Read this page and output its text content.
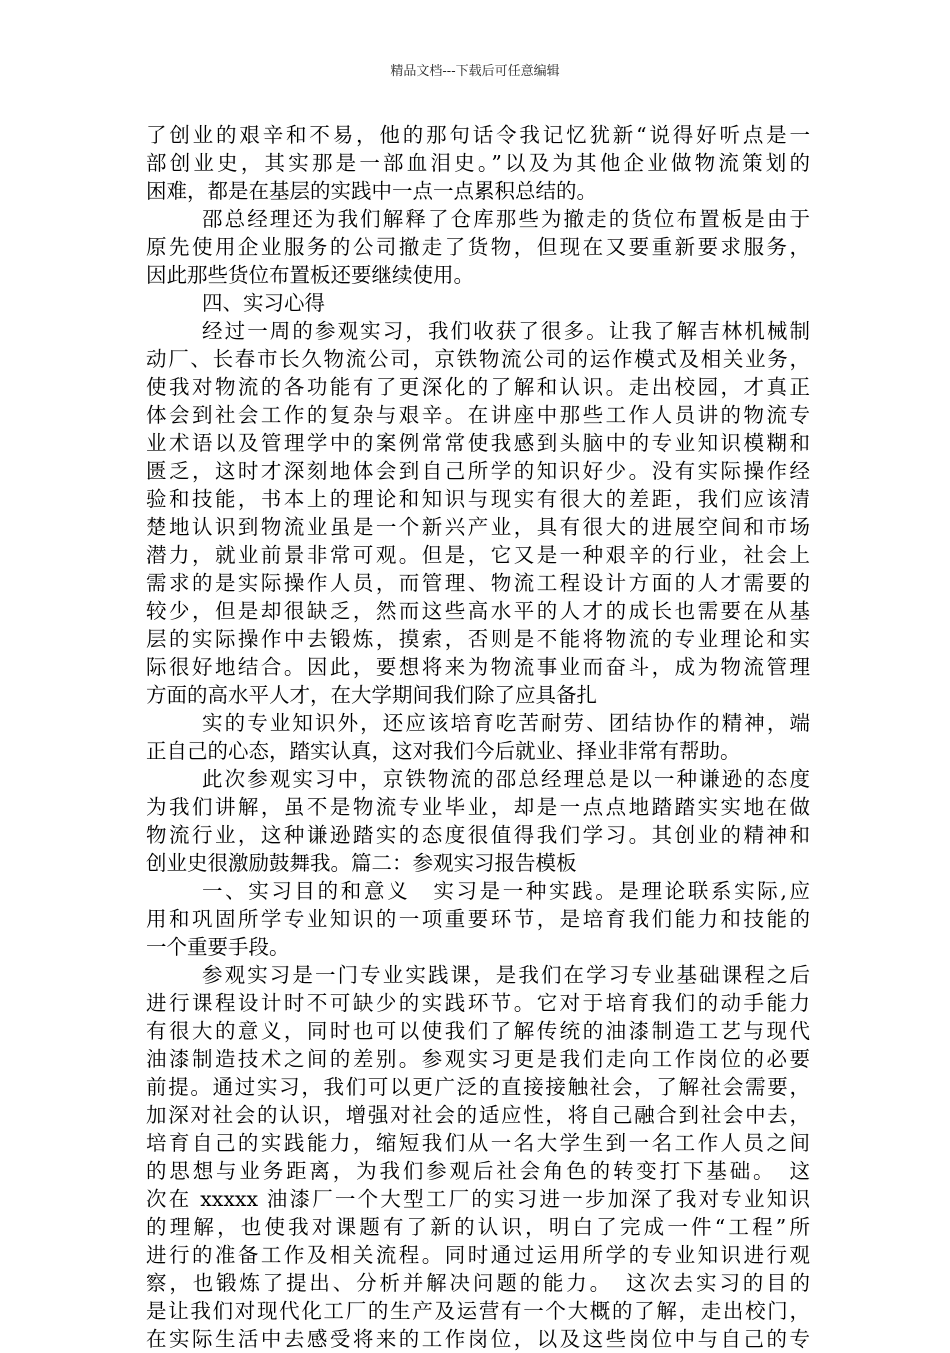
精品文档---下载后可任意编辑
了创业的艰辛和不易，他的那句话令我记忆犹新“说得好听点是一
部创业史，其实那是一部血泪史。”以及为其他企业做物流策划的
困难，都是在基层的实践中一点一点累积总结的。
邵总经理还为我们解释了仓库那些为撤走的货位布置板是由于
原先使用企业服务的公司撤走了货物，但现在又要重新要求服务，
因此那些货位布置板还要继续使用。
四、实习心得
经过一周的参观实习，我们收获了很多。让我了解吉林机械制
动厂、长春市长久物流公司，京铁物流公司的运作模式及相关业务，
使我对物流的各功能有了更深化的了解和认识。走出校园，才真正
体会到社会工作的复杂与艰辛。在讲座中那些工作人员讲的物流专
业术语以及管理学中的案例常常使我感到头脑中的专业知识模糊和
匮乏，这时才深刻地体会到自己所学的知识好少。没有实际操作经
验和技能，书本上的理论和知识与现实有很大的差距，我们应该清
楚地认识到物流业虽是一个新兴产业，具有很大的进展空间和市场
潜力，就业前景非常可观。但是，它又是一种艰辛的行业，社会上
需求的是实际操作人员，而管理、物流工程设计方面的人才需要的
较少，但是却很缺乏，然而这些高水平的人才的成长也需要在从基
层的实际操作中去锻炼，摸索，否则是不能将物流的专业理论和实
际很好地结合。因此，要想将来为物流事业而奋斗，成为物流管理
方面的高水平人才，在大学期间我们除了应具备扎
实的专业知识外，还应该培育吃苦耐劳、团结协作的精神，端
正自己的心态，踏实认真，这对我们今后就业、择业非常有帮助。
此次参观实习中，京铁物流的邵总经理总是以一种谦逊的态度
为我们讲解，虽不是物流专业毕业，却是一点点地踏踏实实地在做
物流行业，这种谦逊踏实的态度很值得我们学习。其创业的精神和
创业史很激励鼓舞我。篇二：参观实习报告模板
一、实习目的和意义　实习是一种实践。是理论联系实际,应
用和巩固所学专业知识的一项重要环节，是培育我们能力和技能的
一个重要手段。
参观实习是一门专业实践课，是我们在学习专业基础课程之后
进行课程设计时不可缺少的实践环节。它对于培育我们的动手能力
有很大的意义，同时也可以使我们了解传统的油漆制造工艺与现代
油漆制造技术之间的差别。参观实习更是我们走向工作岗位的必要
前提。通过实习，我们可以更广泛的直接接触社会，了解社会需要，
加深对社会的认识，增强对社会的适应性，将自己融合到社会中去，
培育自己的实践能力，缩短我们从一名大学生到一名工作人员之间
的思想与业务距离，为我们参观后社会角色的转变打下基础。　这
次在 xxxxx 油漆厂一个大型工厂的实习进一步加深了我对专业知识
的理解，也使我对课题有了新的认识，明白了完成一件“工程”所
进行的准备工作及相关流程。同时通过运用所学的专业知识进行观
察，也锻炼了提出、分析并解决问题的能力。　这次去实习的目的
是让我们对现代化工厂的生产及运营有一个大概的了解，走出校门，
在实际生活中去感受将来的工作岗位，以及这些岗位中与自己的专
